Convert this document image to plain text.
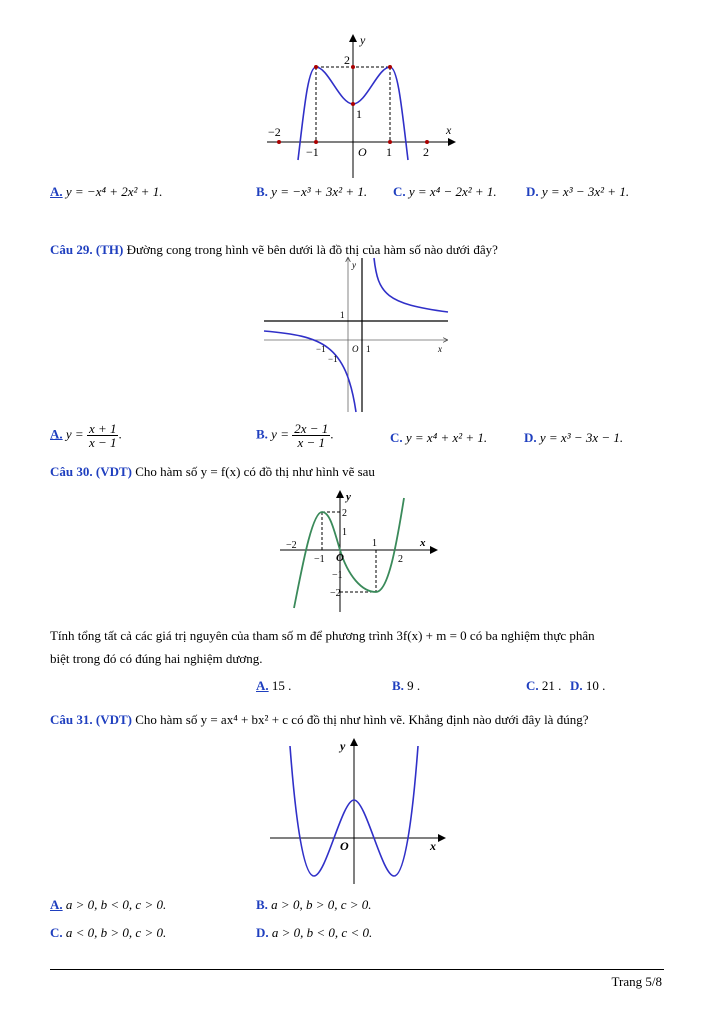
y
x
2
1
−2
−1	O 1	2
A. y = −x⁴ + 2x² + 1.	B. y = −x³ + 3x² + 1. C. y = x⁴ − 2x² + 1. D. y = x³ − 3x² + 1.
Câu 29. (TH) Đường cong trong hình vẽ bên dưới là đồ thị của hàm số nào dưới đây?
y
x
1
O 1
−1
−1
A. $y = \frac{x + 1}{x - 1}$ .	B. $y = \frac{2x - 1}{x - 1}$ .	C. y = x⁴ + x² + 1.	D. y = x³ − 3x − 1.
Câu 30. (VDT) Cho hàm số y = f(x) có đồ thị như hình vẽ sau
y
x
2
1
−1
−2
−2
−1 O
1
2
Tính tổng tất cả các giá trị nguyên của tham số m để phương trình 3f(x) + m = 0 có ba nghiệm thực phân
biệt trong đó có đúng hai nghiệm dương.
A. 15 .	B. 9 .	C. 21 . D. 10 .
Câu 31. (VDT) Cho hàm số y = ax⁴ + bx² + c có đồ thị như hình vẽ. Khẳng định nào dưới đây là đúng?
y
x
O
A. a > 0, b < 0, c > 0.	B. a > 0, b > 0, c > 0.
C. a < 0, b > 0, c > 0.	D. a > 0, b < 0, c < 0.
Trang 5/8
